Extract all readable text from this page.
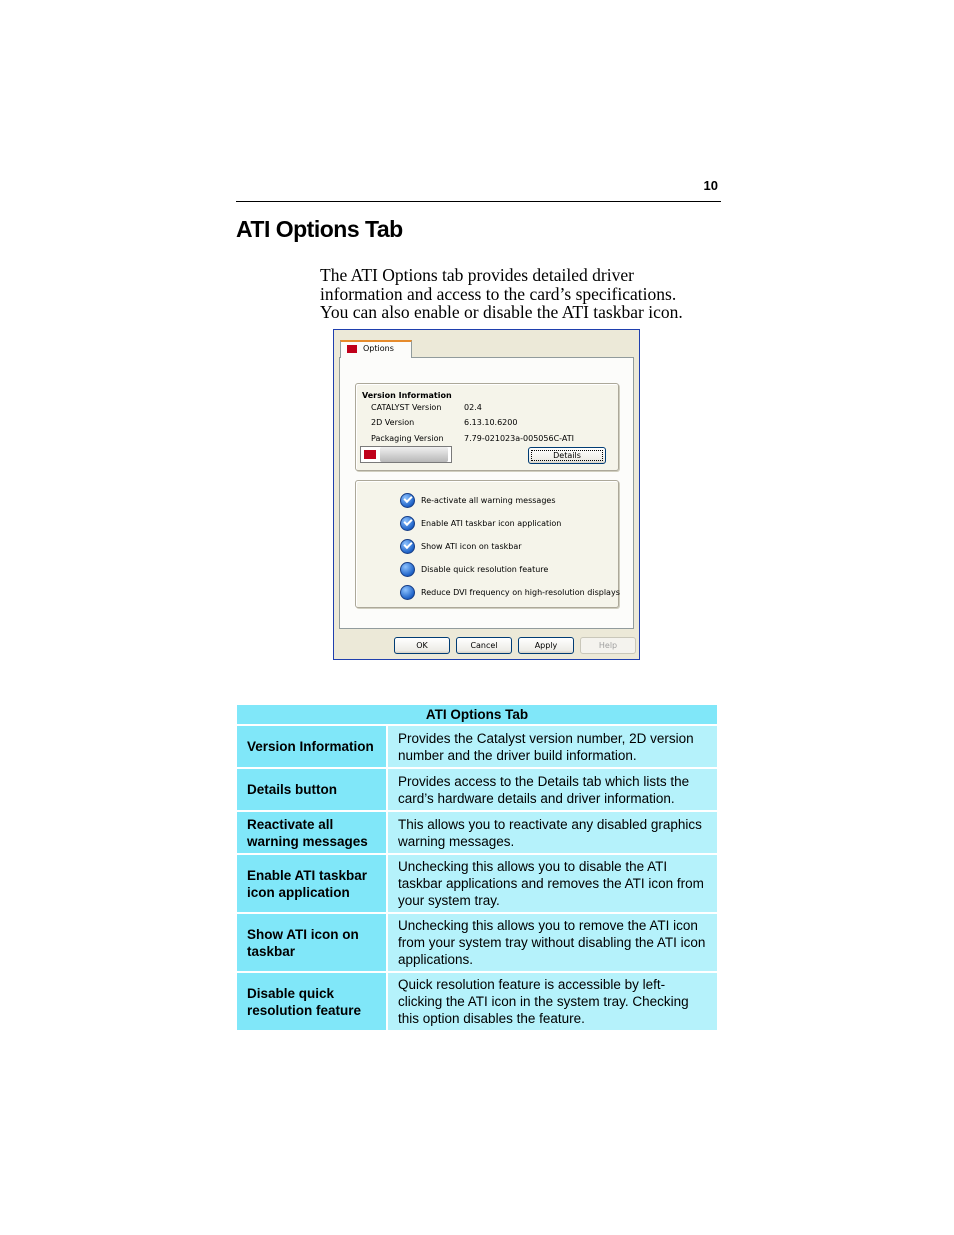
10
ATI Options Tab

The ATI Options tab provides detailed driver
information and access to the card’s specifications.
You can also enable or disable the ATI taskbar icon.

Options
Version Information
CATALYST Version	02.4
2D Version	6.13.10.6200
Packaging Version	7.79-021023a-005056C-ATI
Details
Re-activate all warning messages
Enable ATI taskbar icon application
Show ATI icon on taskbar
Disable quick resolution feature
Reduce DVI frequency on high-resolution displays
OK	Cancel	Apply	Help
ATI Options Tab	
Version Information	Provides the Catalyst version number, 2D version number and the driver build information.
Details button	Provides access to the Details tab which lists the card’s hardware details and driver information.
Reactivate all warning messages	This allows you to reactivate any disabled graphics warning messages.
Enable ATI taskbar icon application	Unchecking this allows you to disable the ATI taskbar applications and removes the ATI icon from your system tray.
Show ATI icon on taskbar	Unchecking this allows you to remove the ATI icon from your system tray without disabling the ATI icon applications.
Disable quick resolution feature	Quick resolution feature is accessible by left-clicking the ATI icon in the system tray. Checking this option disables the feature.
